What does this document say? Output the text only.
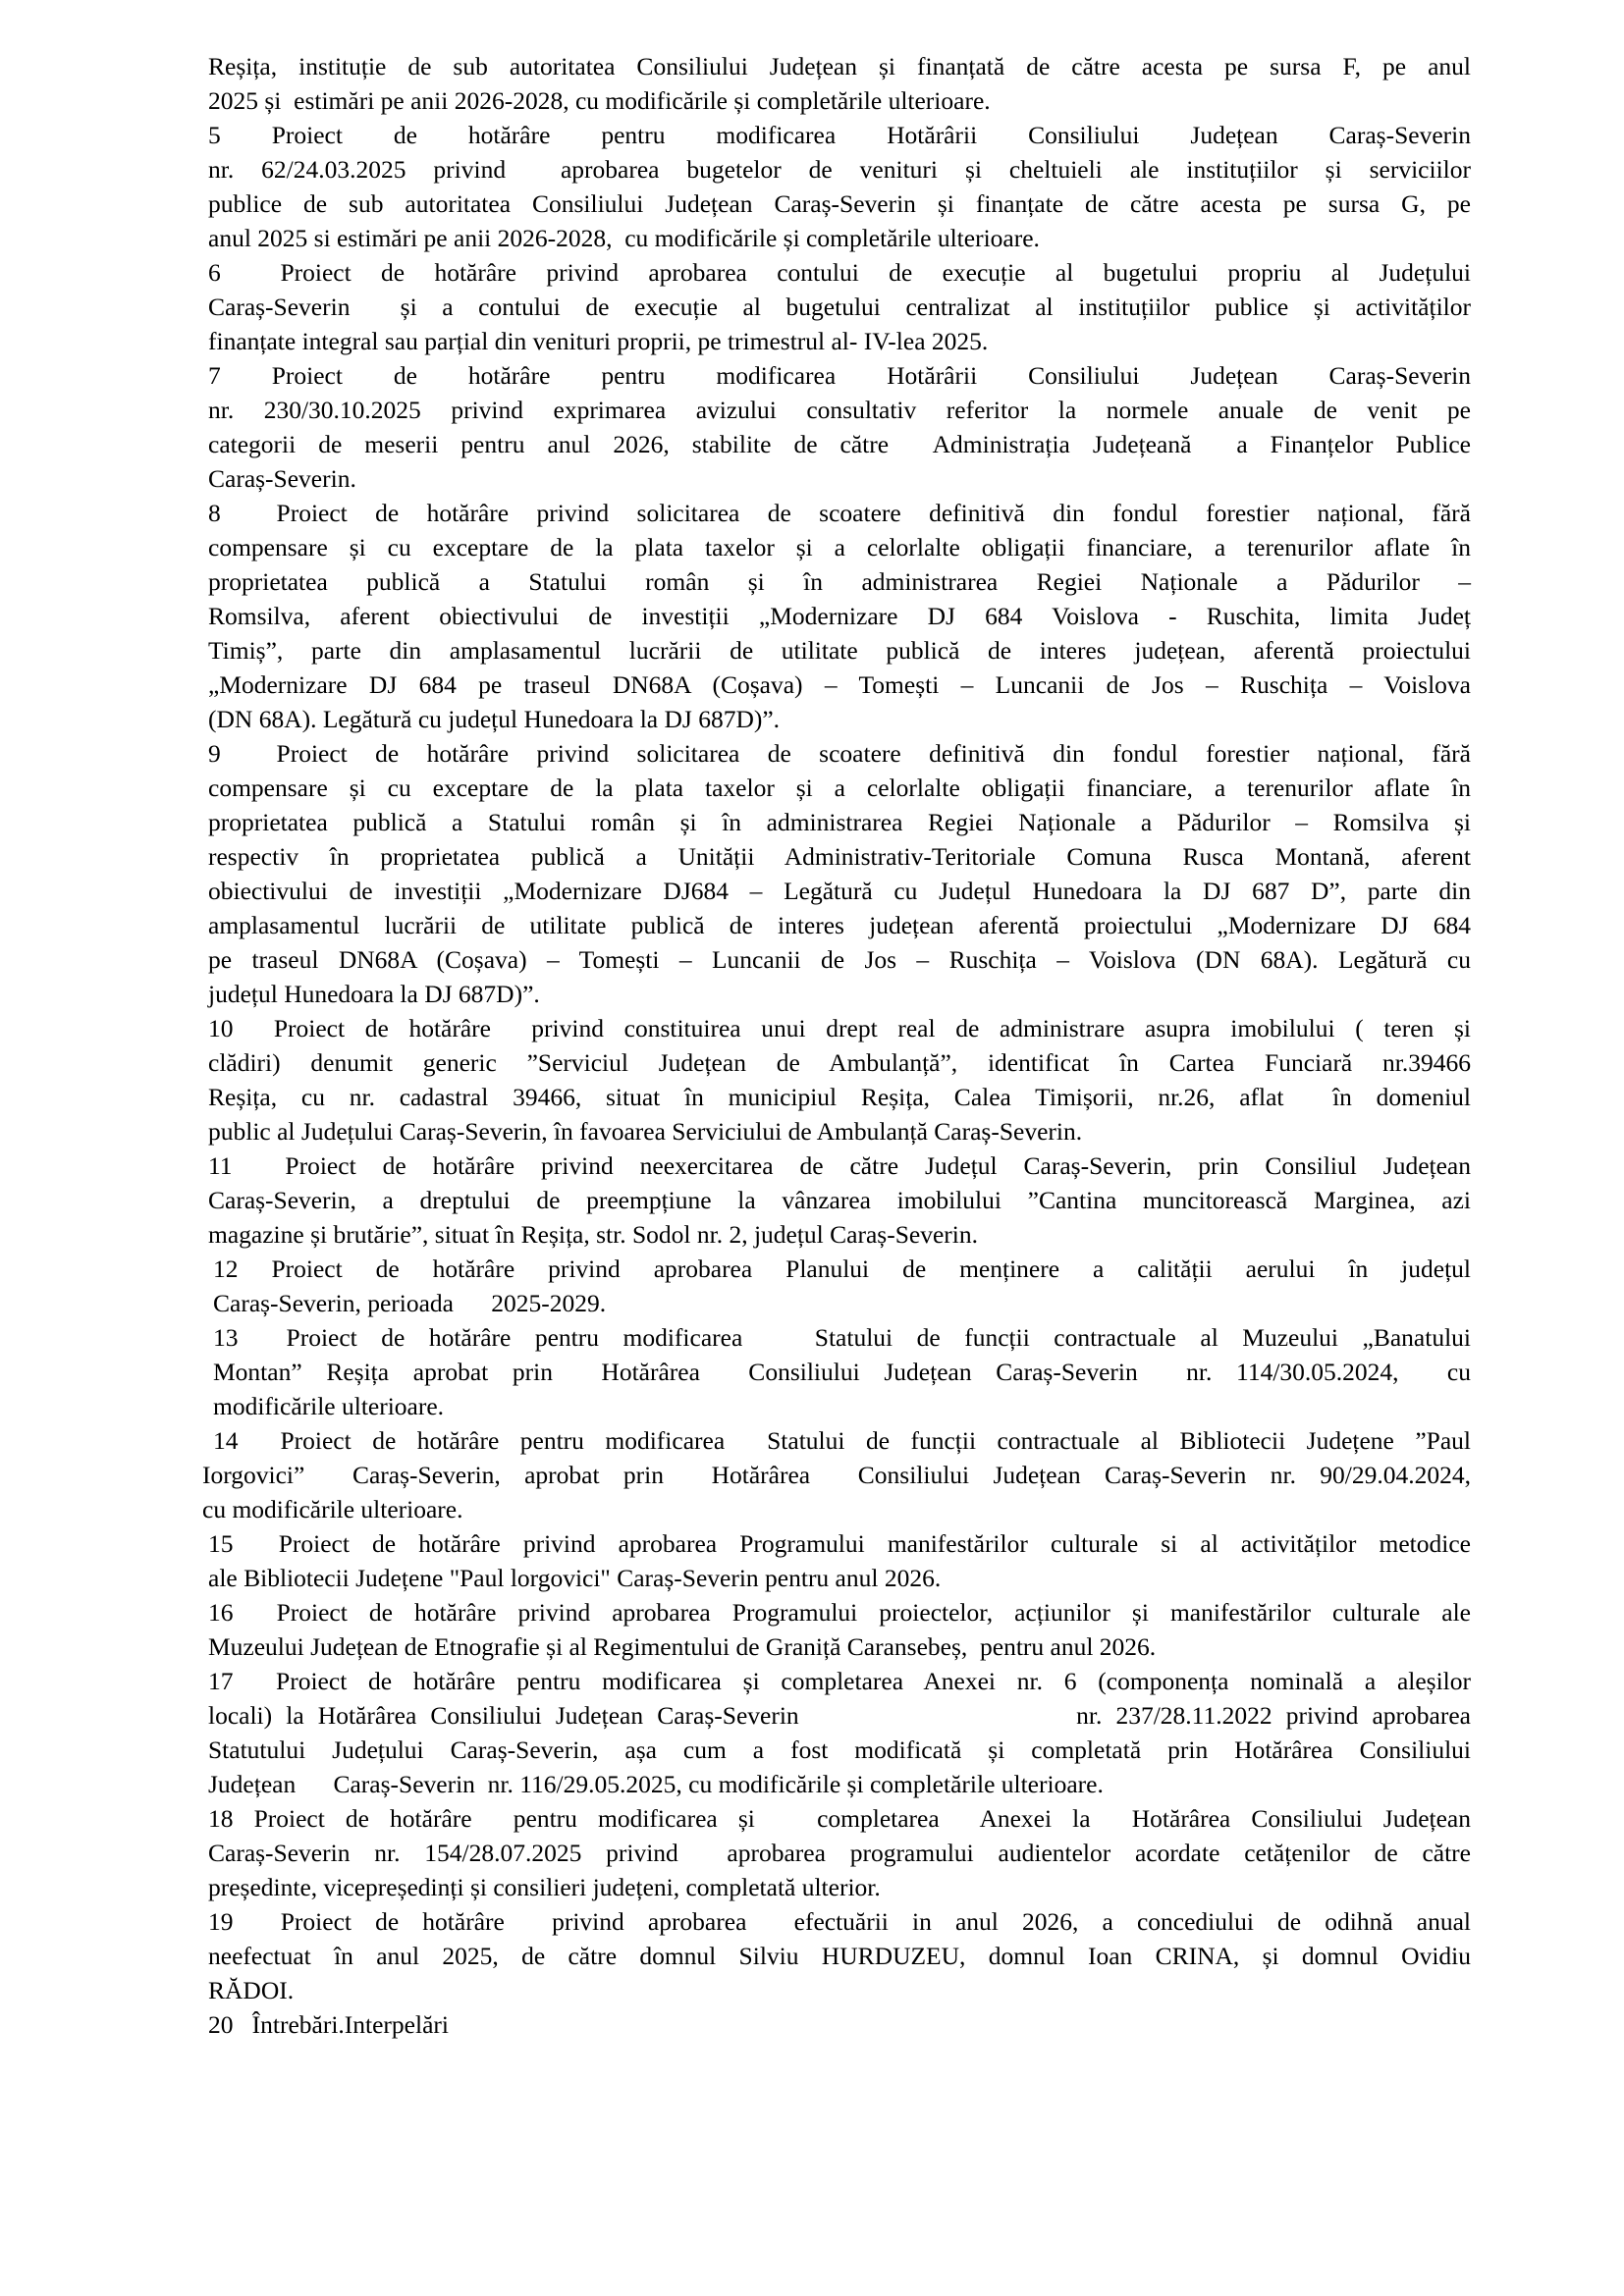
Reșița, instituție de sub autoritatea Consiliului Județean și finanțată de către acesta pe sursa F, pe anul
2025 și  estimări pe anii 2026-2028, cu modificările și completările ulterioare.
5  Proiect  de  hotărâre  pentru  modificarea  Hotărârii  Consiliului  Județean  Caraș-Severin
nr. 62/24.03.2025 privind  aprobarea bugetelor de venituri și cheltuieli ale instituțiilor și serviciilor
publice de sub autoritatea Consiliului Județean Caraș-Severin și finanțate de către acesta pe sursa G, pe
anul 2025 si estimări pe anii 2026-2028,  cu modificările și completările ulterioare.
6  Proiect de hotărâre privind aprobarea contului de execuție al bugetului propriu al Județului
Caraș-Severin  și a contului de execuție al bugetului centralizat al instituțiilor publice și activităților
finanțate integral sau parțial din venituri proprii, pe trimestrul al- IV-lea 2025.
7  Proiect  de  hotărâre  pentru  modificarea  Hotărârii  Consiliului  Județean  Caraș-Severin
nr. 230/30.10.2025 privind exprimarea avizului consultativ referitor la normele anuale de venit pe
categorii de meserii pentru anul 2026, stabilite de către  Administrația Județeană  a Finanțelor Publice
Caraș-Severin.
8  Proiect de hotărâre privind solicitarea de scoatere definitivă din fondul forestier național, fără
compensare și cu exceptare de la plata taxelor și a celorlalte obligații financiare, a terenurilor aflate în
proprietatea  publică  a  Statului  român  și  în  administrarea  Regiei  Naționale  a  Pădurilor  –
Romsilva, aferent obiectivului de investiții „Modernizare DJ 684 Voislova - Ruschita, limita Județ
Timiș”, parte din amplasamentul lucrării de utilitate publică de interes județean, aferentă proiectului
„Modernizare DJ 684 pe traseul DN68A (Coșava) – Tomești – Luncanii de Jos – Ruschița – Voislova
(DN 68A). Legătură cu județul Hunedoara la DJ 687D)”.
9  Proiect de hotărâre privind solicitarea de scoatere definitivă din fondul forestier național, fără
compensare și cu exceptare de la plata taxelor și a celorlalte obligații financiare, a terenurilor aflate în
proprietatea publică a Statului român și în administrarea Regiei Naționale a Pădurilor – Romsilva și
respectiv în proprietatea publică a Unității Administrativ-Teritoriale Comuna Rusca Montană, aferent
obiectivului de investiții „Modernizare DJ684 – Legătură cu Județul Hunedoara la DJ 687 D”, parte din
amplasamentul lucrării de utilitate publică de interes județean aferentă proiectului „Modernizare DJ 684
pe traseul DN68A (Coșava) – Tomești – Luncanii de Jos – Ruschița – Voislova (DN 68A). Legătură cu
județul Hunedoara la DJ 687D)”.
10  Proiect de hotărâre  privind constituirea unui drept real de administrare asupra imobilului ( teren și
clădiri) denumit generic ”Serviciul Județean de Ambulanță”, identificat în Cartea Funciară nr.39466
Reșița, cu nr. cadastral 39466, situat în municipiul Reșița, Calea Timișorii, nr.26, aflat  în domeniul
public al Județului Caraș-Severin, în favoarea Serviciului de Ambulanță Caraș-Severin.
11  Proiect de hotărâre privind neexercitarea de către Județul Caraș-Severin, prin Consiliul Județean
Caraș-Severin, a dreptului de preempțiune la vânzarea imobilului ”Cantina muncitorească Marginea, azi
magazine și brutărie”, situat în Reșița, str. Sodol nr. 2, județul Caraș-Severin.
12 Proiect de hotărâre privind aprobarea Planului de menținere a calității aerului în județul
Caraș-Severin, perioada      2025-2029.
13  Proiect de hotărâre pentru modificarea   Statului de funcții contractuale al Muzeului „Banatului
Montan” Reșița aprobat prin  Hotărârea  Consiliului Județean Caraș-Severin  nr. 114/30.05.2024,  cu
modificările ulterioare.
14  Proiect de hotărâre pentru modificarea  Statului de funcții contractuale al Bibliotecii Județene ”Paul
Iorgovici”  Caraș-Severin, aprobat prin  Hotărârea  Consiliului Județean Caraș-Severin nr. 90/29.04.2024,
cu modificările ulterioare.
15  Proiect de hotărâre privind aprobarea Programului manifestărilor culturale si al activităților metodice
ale Bibliotecii Județene "Paul lorgovici" Caraș-Severin pentru anul 2026.
16  Proiect de hotărâre privind aprobarea Programului proiectelor, acțiunilor și manifestărilor culturale ale
Muzeului Județean de Etnografie și al Regimentului de Graniță Caransebeș,  pentru anul 2026.
17  Proiect de hotărâre pentru modificarea și completarea Anexei nr. 6 (componența nominală a aleșilor
locali) la Hotărârea Consiliului Județean Caraș-Severin                    nr. 237/28.11.2022 privind aprobarea
Statutului Județului Caraș-Severin, așa cum a fost modificată și completată prin Hotărârea Consiliului
Județean      Caraș-Severin  nr. 116/29.05.2025, cu modificările și completările ulterioare.
18 Proiect de hotărâre  pentru modificarea și   completarea  Anexei la  Hotărârea Consiliului Județean
Caraș-Severin nr. 154/28.07.2025 privind  aprobarea programului audientelor acordate cetățenilor de către
președinte, vicepreședinți și consilieri județeni, completată ulterior.
19  Proiect de hotărâre  privind aprobarea  efectuării in anul 2026, a concediului de odihnă anual
neefectuat în anul 2025, de către domnul Silviu HURDUZEU, domnul Ioan CRINA, și domnul Ovidiu
RĂDOI.
20   Întrebări.Interpelări
